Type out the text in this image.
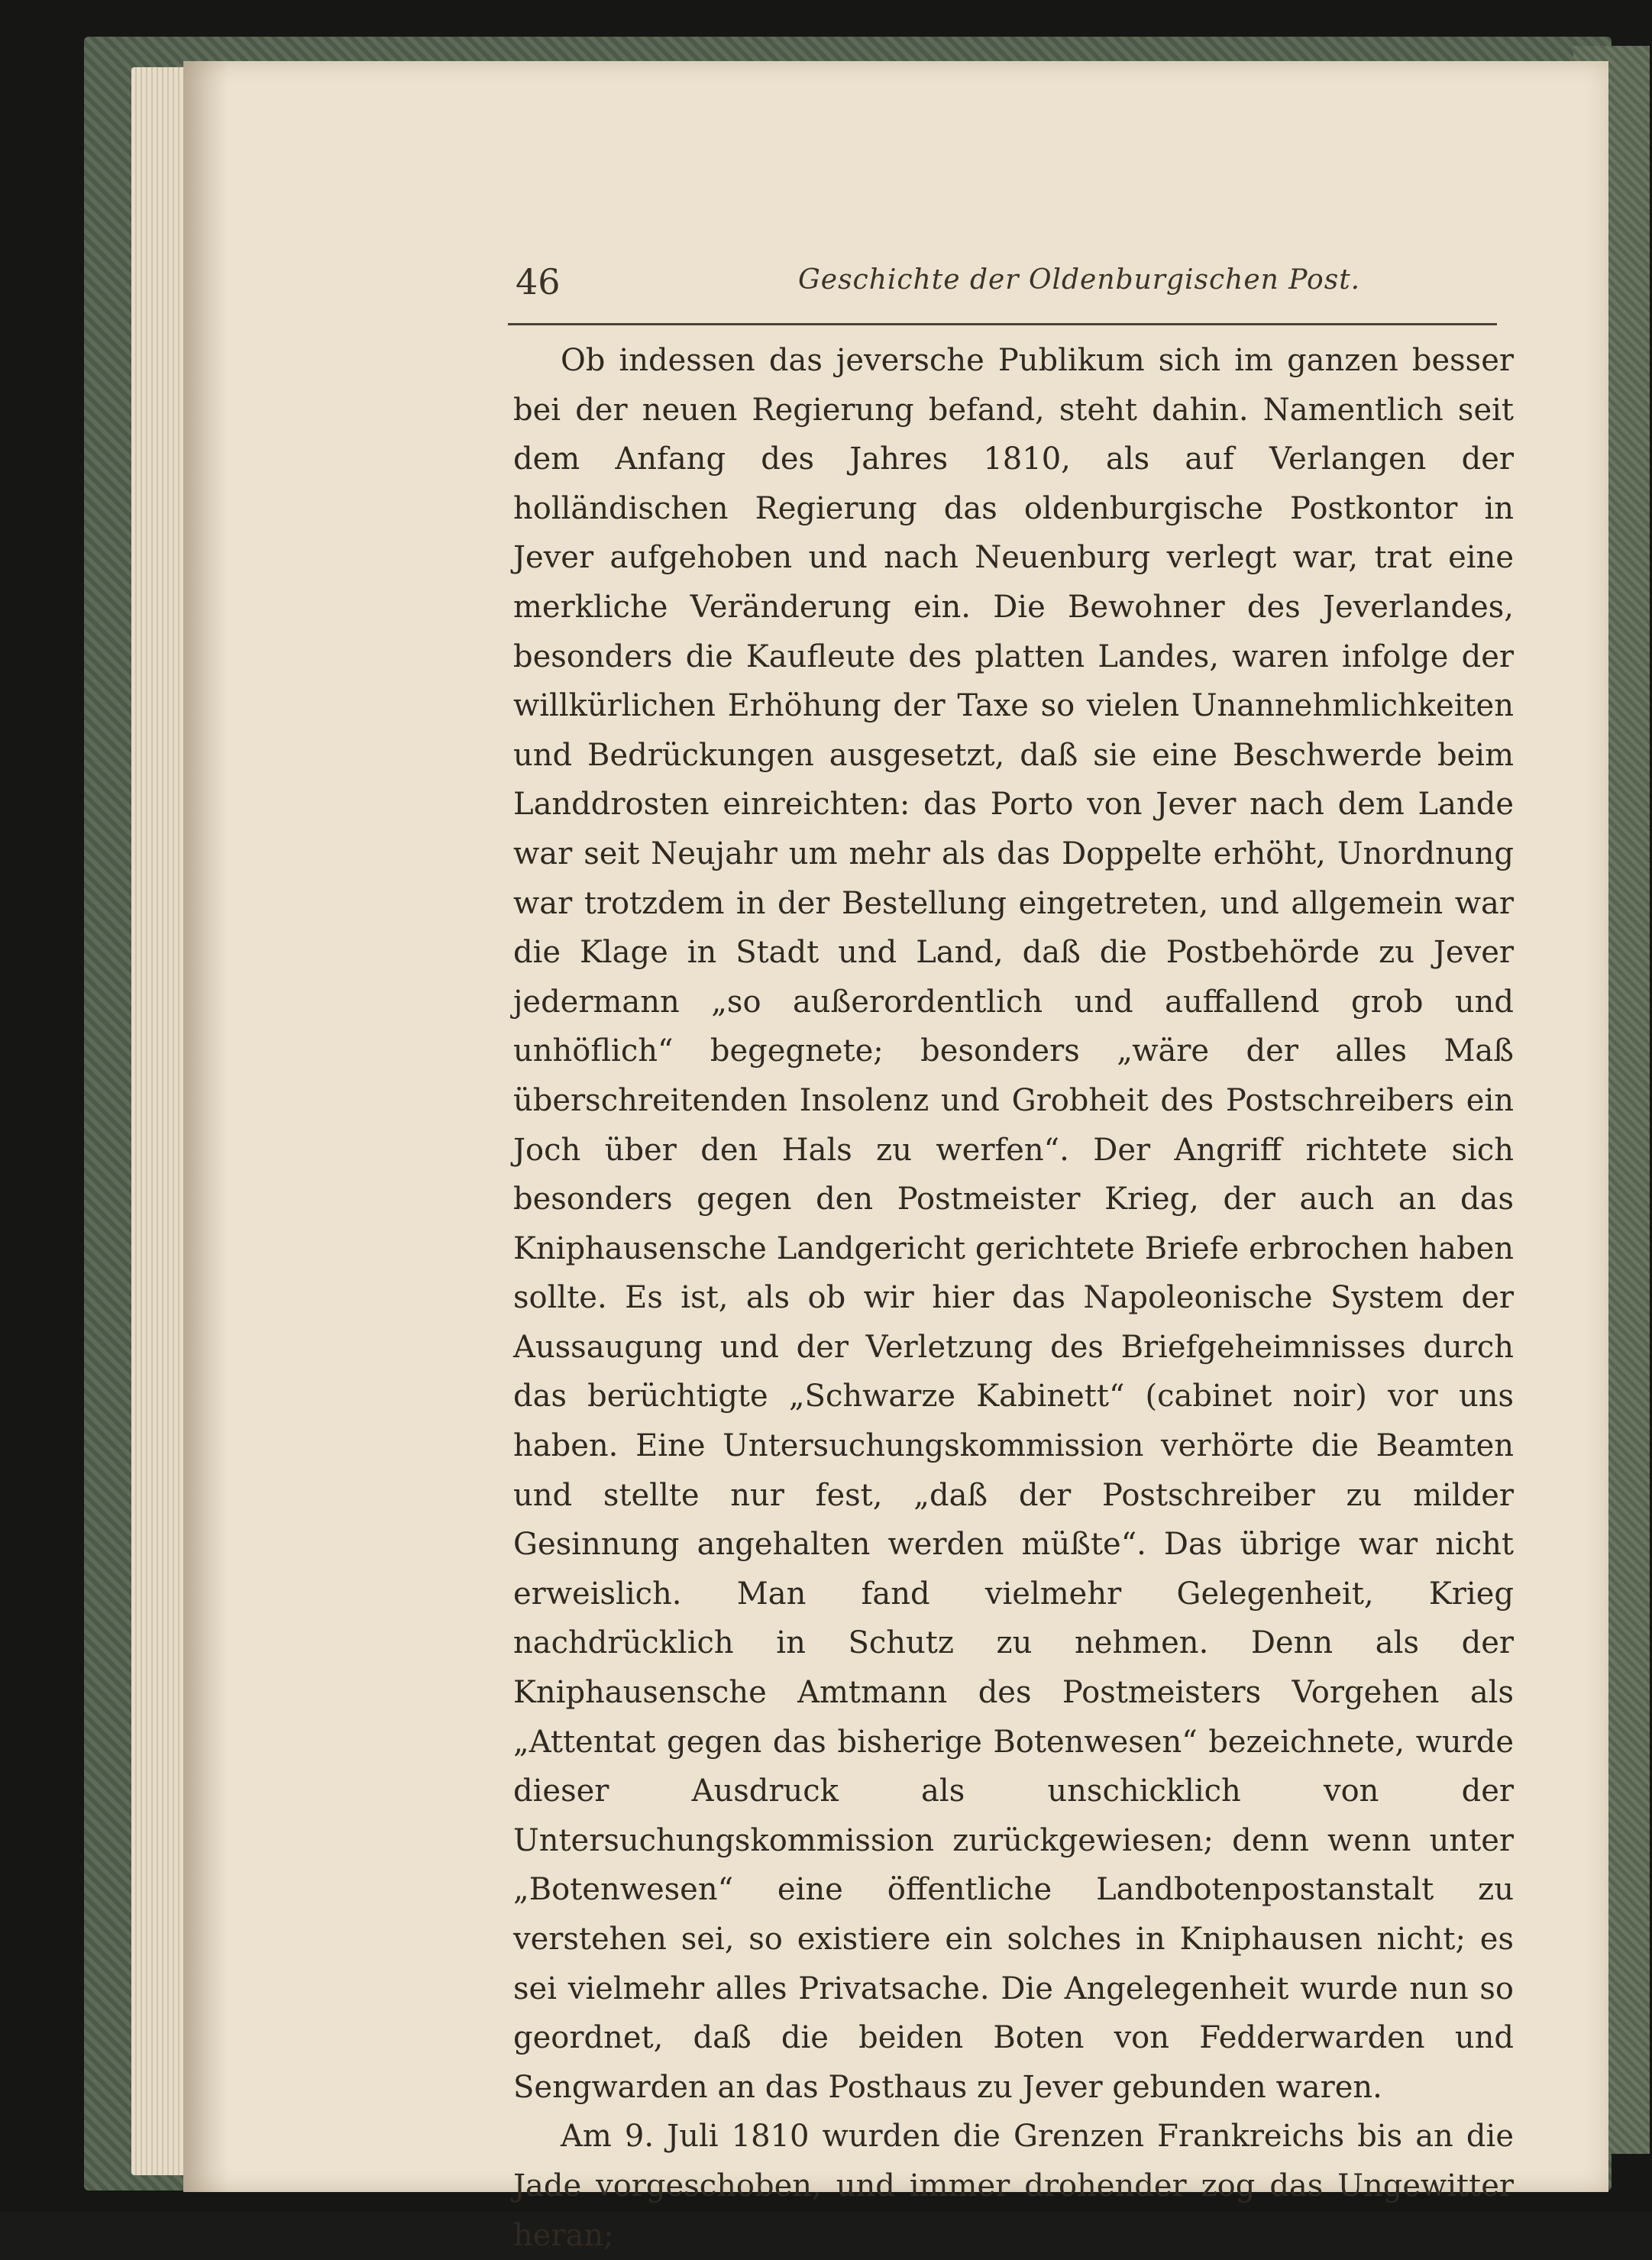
46	Geschichte der Oldenburgischen Post.

Ob indessen das jeversche Publikum sich im ganzen besser bei der neuen Regierung befand, steht dahin. Namentlich seit dem Anfang des Jahres 1810, als auf Verlangen der holländischen Regierung das oldenburgische Postkontor in Jever aufgehoben und nach Neuenburg verlegt war, trat eine merkliche Veränderung ein. Die Bewohner des Jeverlandes, besonders die Kaufleute des platten Landes, waren infolge der willkürlichen Erhöhung der Taxe so vielen Unannehmlichkeiten und Bedrückungen ausgesetzt, daß sie eine Beschwerde beim Landdrosten einreichten: das Porto von Jever nach dem Lande war seit Neujahr um mehr als das Doppelte erhöht, Unordnung war trotzdem in der Bestellung eingetreten, und allgemein war die Klage in Stadt und Land, daß die Postbehörde zu Jever jedermann „so außerordentlich und auffallend grob und unhöflich“ begegnete; besonders „wäre der alles Maß überschreitenden Insolenz und Grobheit des Postschreibers ein Joch über den Hals zu werfen“. Der Angriff richtete sich besonders gegen den Postmeister Krieg, der auch an das Kniphausensche Landgericht gerichtete Briefe erbrochen haben sollte. Es ist, als ob wir hier das Napoleonische System der Aussaugung und der Verletzung des Briefgeheimnisses durch das berüchtigte „Schwarze Kabinett“ (cabinet noir) vor uns haben. Eine Untersuchungskommission verhörte die Beamten und stellte nur fest, „daß der Postschreiber zu milder Gesinnung angehalten werden müßte“. Das übrige war nicht erweislich. Man fand vielmehr Gelegenheit, Krieg nachdrücklich in Schutz zu nehmen. Denn als der Kniphausensche Amtmann des Postmeisters Vorgehen als „Attentat gegen das bisherige Botenwesen“ bezeichnete, wurde dieser Ausdruck als unschicklich von der Untersuchungskommission zurückgewiesen; denn wenn unter „Botenwesen“ eine öffentliche Landbotenpostanstalt zu verstehen sei, so existiere ein solches in Kniphausen nicht; es sei vielmehr alles Privatsache. Die Angelegenheit wurde nun so geordnet, daß die beiden Boten von Fedderwarden und Sengwarden an das Posthaus zu Jever gebunden waren.

Am 9. Juli 1810 wurden die Grenzen Frankreichs bis an die Jade vorgeschoben, und immer drohender zog das Ungewitter heran;
